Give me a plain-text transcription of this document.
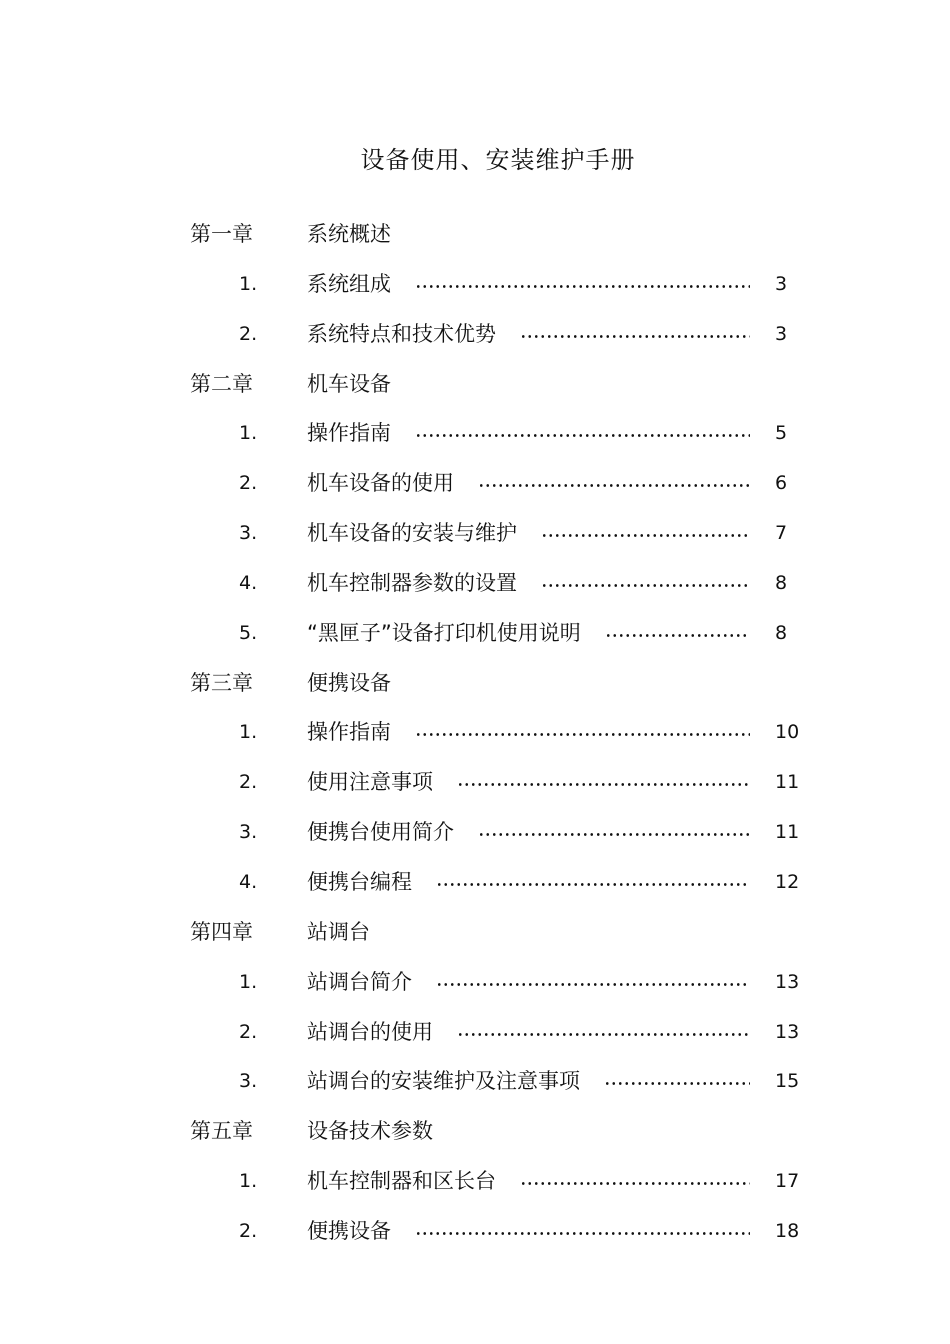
设备使用、安装维护手册
第一章	系统概述
1. 系统组成	3
2. 系统特点和技术优势	3
第二章	机车设备
1. 操作指南	5
2. 机车设备的使用	6
3. 机车设备的安装与维护	7
4. 机车控制器参数的设置	8
5. “黑匣子”设备打印机使用说明	8
第三章	便携设备
1. 操作指南	10
2. 使用注意事项	11
3. 便携台使用简介	11
4. 便携台编程	12
第四章	站调台
1. 站调台简介	13
2. 站调台的使用	13
3. 站调台的安装维护及注意事项	15
第五章	设备技术参数
1. 机车控制器和区长台	17
2. 便携设备	18
